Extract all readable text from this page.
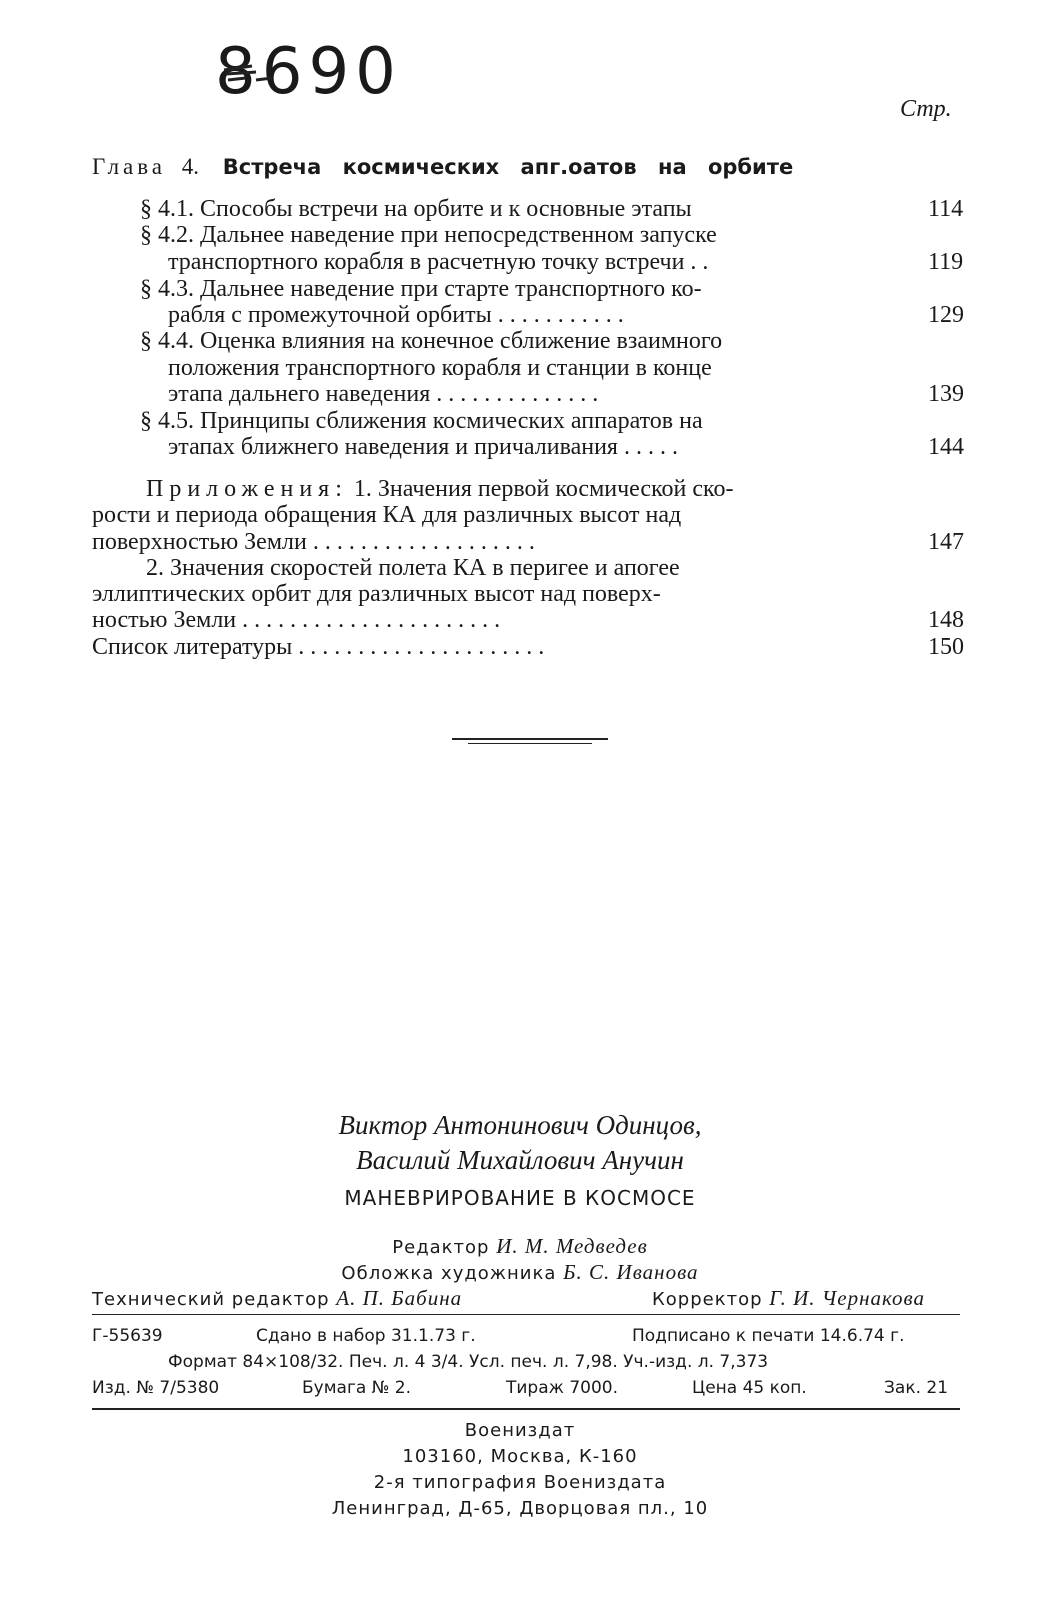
8690	Стр.
Глава 4. Встреча космических апг.оатов на орбите
§ 4.1. Способы встречи на орбите и к основные этапы	114
§ 4.2. Дальнее наведение при непосредственном запуске
транспортного корабля в расчетную точку встречи . .	119
§ 4.3. Дальнее наведение при старте транспортного ко-
рабля с промежуточной орбиты . . . . . . . . . . .	129
§ 4.4. Оценка влияния на конечное сближение взаимного
положения транспортного корабля и станции в конце
этапа дальнего наведения . . . . . . . . . . . . . .	139
§ 4.5. Принципы сближения космических аппаратов на
этапах ближнего наведения и причаливания . . . . .	144
Приложения: 1. Значения первой космической ско-
рости и периода обращения КА для различных высот над
поверхностью Земли . . . . . . . . . . . . . . . . . . .	147
2. Значения скоростей полета КА в перигее и апогее
эллиптических орбит для различных высот над поверх-
ностью Земли . . . . . . . . . . . . . . . . . . . . . .	148
Список литературы . . . . . . . . . . . . . . . . . . . . .	150
Виктор Антонинович Одинцов,
Василий Михайлович Анучин
МАНЕВРИРОВАНИЕ В КОСМОСЕ
Редактор И. М. Медведев
Обложка художника Б. С. Иванова
Технический редактор А. П. Бабина	Корректор Г. И. Чернакова
Г-55639	Сдано в набор 31.1.73 г.	Подписано к печати 14.6.74 г.
Формат 84×108/32. Печ. л. 4 3/4. Усл. печ. л. 7,98. Уч.-изд. л. 7,373
Изд. № 7/5380	Бумага № 2.	Тираж 7000.	Цена 45 коп.	Зак. 21
Воениздат
103160, Москва, К-160
2-я типография Воениздата
Ленинград, Д-65, Дворцовая пл., 10
